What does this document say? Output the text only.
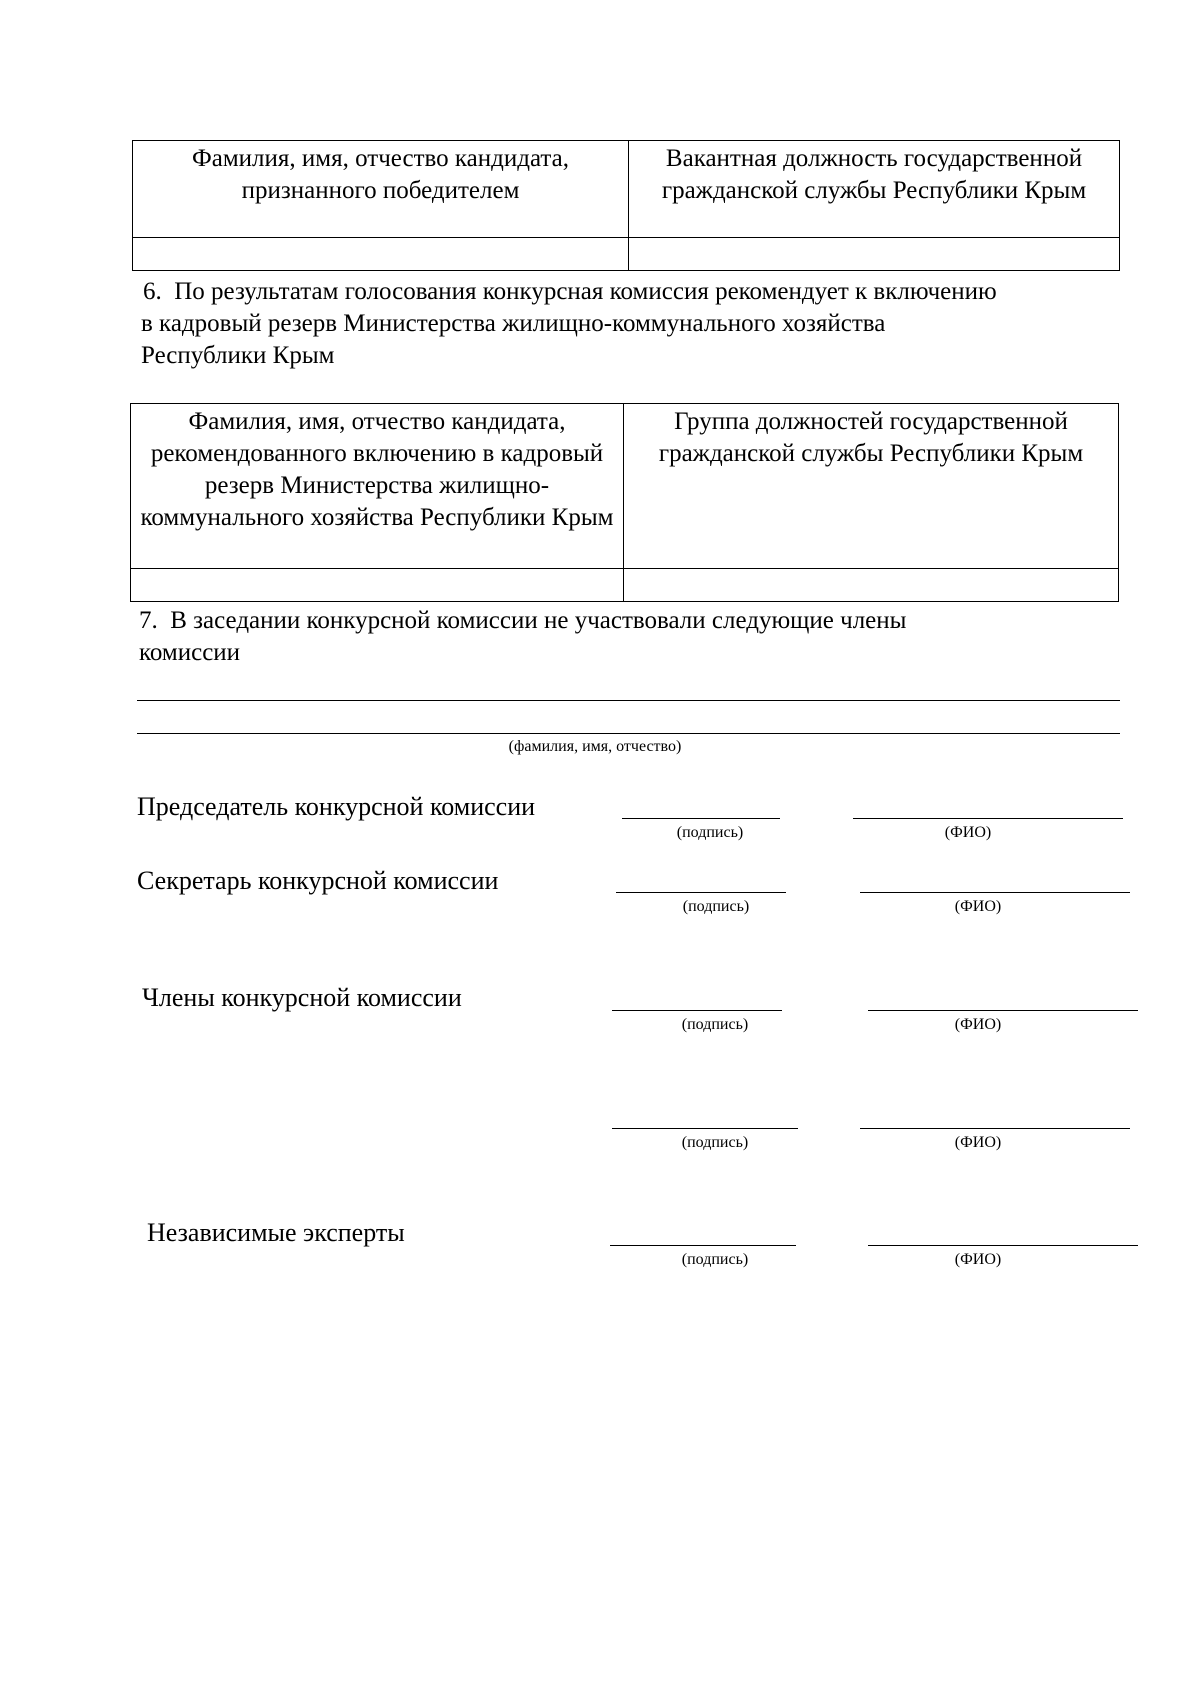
Фамилия, имя, отчество кандидата, признанного победителем	Вакантная должность государственной гражданской службы Республики Крым

6. По результатам голосования конкурсная комиссия рекомендует к включению
в кадровый резерв Министерства жилищно-коммунального хозяйства
Республики Крым
Фамилия, имя, отчество кандидата, рекомендованного включению в кадровый резерв Министерства жилищно-коммунального хозяйства Республики Крым	Группа должностей государственной гражданской службы Республики Крым

7. В заседании конкурсной комиссии не участвовали следующие члены
комиссии
(фамилия, имя, отчество)
Председатель конкурсной комиссии
(подпись)	(ФИО)
Секретарь конкурсной комиссии
(подпись)	(ФИО)
Члены конкурсной комиссии
(подпись)	(ФИО)
(подпись)	(ФИО)
Независимые эксперты
(подпись)	(ФИО)
